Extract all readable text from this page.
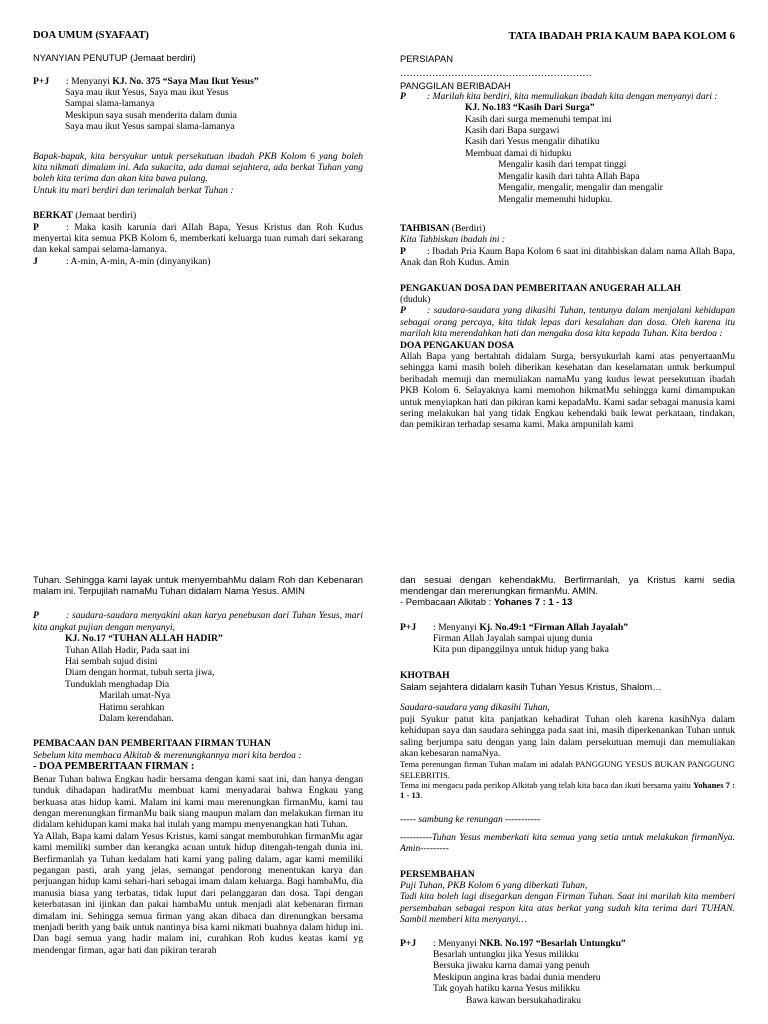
DOA UMUM (SYAFAAT)

NYANYIAN PENUTUP (Jemaat berdiri)

P+J : Menyanyi KJ. No. 375 “Saya Mau Ikut Yesus”

Saya mau ikut Yesus, Saya mau ikut Yesus

Sampai slama-lamanya

Meskipun saya susah menderita dalam dunia

Saya mau ikut Yesus sampai slama-lamanya

Bapak-bapak, kita bersyukur untuk persekutuan ibadah PKB Kolom 6 yang boleh kita nikmati dimalam ini. Ada sukacita, ada damai sejahtera, ada berkat Tuhan yang boleh kita terima dan akan kita bawa pulang.

Untuk itu mari berdiri dan terimalah berkat Tuhan :

BERKAT (Jemaat berdiri)

P	: Maka kasih karunia dari Allah Bapa, Yesus Kristus dan Roh Kudus menyertai kita semua PKB Kolom 6, memberkati keluarga tuan rumah dari sekarang dan kekal sampai selama-lamanya.

J	: A-min, A-min, A-min (dinyanyikan)

TATA IBADAH PRIA KAUM BAPA KOLOM 6

PERSIAPAN

……………………………………………………

PANGGILAN BERIBADAH

P : Marilah kita berdiri, kita memuliakan ibadah kita dengan menyanyi dari :

KJ. No.183 “Kasih Dari Surga”

Kasih dari surga memenuhi tempat ini

Kasih dari Bapa surgawi

Kasih dari Yesus mengalir dihatiku

Membuat damai di hidupku

Mengalir kasih dari tempat tinggi

Mengalir kasih dari tahta Allah Bapa

Mengalir, mengalir, mengalir dan mengalir

Mengalir memenuhi hidupku.

TAHBISAN (Berdiri)

Kita Tahbiskan ibadah ini :

P : Ibadah Pria Kaum Bapa Kolom 6 saat ini ditahbiskan dalam nama Allah Bapa, Anak dan Roh Kudus. Amin

PENGAKUAN DOSA DAN PEMBERITAAN ANUGERAH ALLAH

(duduk)

P : saudara-saudara yang dikasihi Tuhan, tentunya dalam menjalani kehidupan sebagai orang percaya, kita tidak lepas dari kesalahan dan dosa. Oleh karena itu marilah kita merendahkan hati dan mengaku dosa kita kepada Tuhan. Kita berdoa :

DOA PENGAKUAN DOSA

Allah Bapa yang bertahtah didalam Surga, bersyukurlah kami atas penyertaanMu sehingga kami masih boleh diberikan kesehatan dan keselamatan untuk berkumpul beribadah memuji dan memuliakan namaMu yang kudus lewat persekutuan ibadah PKB Kolom 6. Selayaknya kami memohon hikmatMu sehingga kami dimampukan untuk menyiapkan hati dan pikiran kami kepadaMu. Kami sadar sebagai manusia kami sering melakukan hal yang tidak Engkau kehendaki baik lewat perkataan, tindakan, dan pemikiran terhadap sesama kami. Maka ampunilah kami

Tuhan. Sehingga kami layak untuk menyembahMu dalam Roh dan Kebenaran malam ini. Terpujilah namaMu Tuhan didalam Nama Yesus. AMIN

P	: saudara-saudara menyakini akan karya penebusan dari Tuhan Yesus, mari kita angkat pujian dengan menyanyi,

KJ. No.17 “TUHAN ALLAH HADIR”

Tuhan Allah Hadir, Pada saat ini

Hai sembah sujud disini

Diam dengan hormat, tubuh serta jiwa,

Tunduklah menghadap Dia

Marilah umat-Nya

Hatimu serahkan

Dalam kerendahan.

PEMBACAAN DAN PEMBERITAAN FIRMAN TUHAN

Sebelum kita membaca Alkitab & merenungkannya mari kita berdoa :

- DOA PEMBERITAAN FIRMAN :

Benar Tuhan bahwa Engkau hadir bersama dengan kami saat ini, dan hanya dengan tunduk dihadapan hadiratMu membuat kami menyadarai bahwa Engkau yang berkuasa atas hidup kami. Malam ini kami mau merenungkan firmanMu, kami tau dengan merenungkan firmanMu baik siang maupun malam dan melakukan firman itu didalam kehidupan kami maka hal itulah yang mampu menyenangkan hati Tuhan.

Ya Allah, Bapa kami dalam Yesus Kristus, kami sangat membutuhkan firmanMu agar kami memiliki sumber dan kerangka acuan untuk hidup ditengah-tengah dunia ini. Berfirmanlah ya Tuhan kedalam hati kami yang paling dalam, agar kami memiliki pegangan pasti, arah yang jelas, semangat pendorong menentukan karya dan perjuangan hidup kami sehari-hari sebagai imam dalam keluarga. Bagi hambaMu, dia manusia biasa yang terbatas, tidak luput dari pelanggaran dan dosa. Tapi dengan keterbatasan ini ijinkan dan pakai hambaMu untuk menjadi alat kebenaran firman dimalam ini. Sehingga semua firman yang akan dibaca dan direnungkan bersama menjadi berith yang baik untuk nantinya bisa kami nikmati buahnya dalam hidup ini. Dan bagi semua yang hadir malam ini, curahkan Roh kudus keatas kami yg mendengar firman, agar hati dan pikiran terarah

dan sesuai dengan kehendakMu. Berfirmanlah, ya Kristus kami sedia mendengar dan merenungkan firmanMu. AMIN.

- Pembacaan Alkitab : Yohanes 7 : 1 - 13

P+J : Menyanyi Kj. No.49:1 “Firman Allah Jayalah”

Firman Allah Jayalah sampai ujung dunia

Kita pun dipanggilnya untuk hidup yang baka

KHOTBAH

Salam sejahtera didalam kasih Tuhan Yesus Kristus, Shalom…

Saudara-saudara yang dikasihi Tuhan,

puji Syukur patut kita panjatkan kehadirat Tuhan oleh karena kasihNya dalam kehidupan saya dan saudara sehingga pada saat ini, masih diperkenankan Tuhan untuk saling berjumpa satu dengan yang lain dalam persekutuan memuji dan memuliakan akan kebesaran namaNya.

Tema perenungan firman Tuhan malam ini adalah PANGGUNG YESUS BUKAN PANGGUNG SELEBRITIS.

Tema ini mengacu pada perikop Alkitab yang telah kita baca dan ikuti bersama yaitu Yohanes 7 : 1 - 13.

----- sambung ke renungan -----------

----------Tuhan Yesus memberkati kita semua yang setia untuk melakukan firmanNya. Amin---------

PERSEMBAHAN

Puji Tuhan, PKB Kolom 6 yang diberkati Tuhan,

Tadi kita boleh lagi disegarkan dengan Firman Tuhan. Saat ini marilah kita memberi persembahan sebagai respon kita atas berkat yang sudah kita terima dari TUHAN. Sambil memberi kita menyanyi…

P+J : Menyanyi NKB. No.197 “Besarlah Untungku”

Besarlah untungku jika Yesus milikku

Bersuka jiwaku karna damai yang penuh

Meskipun angina kras badai dunia menderu

Tak goyah hatiku karna Yesus milikku

Bawa kawan bersukahadiraku
